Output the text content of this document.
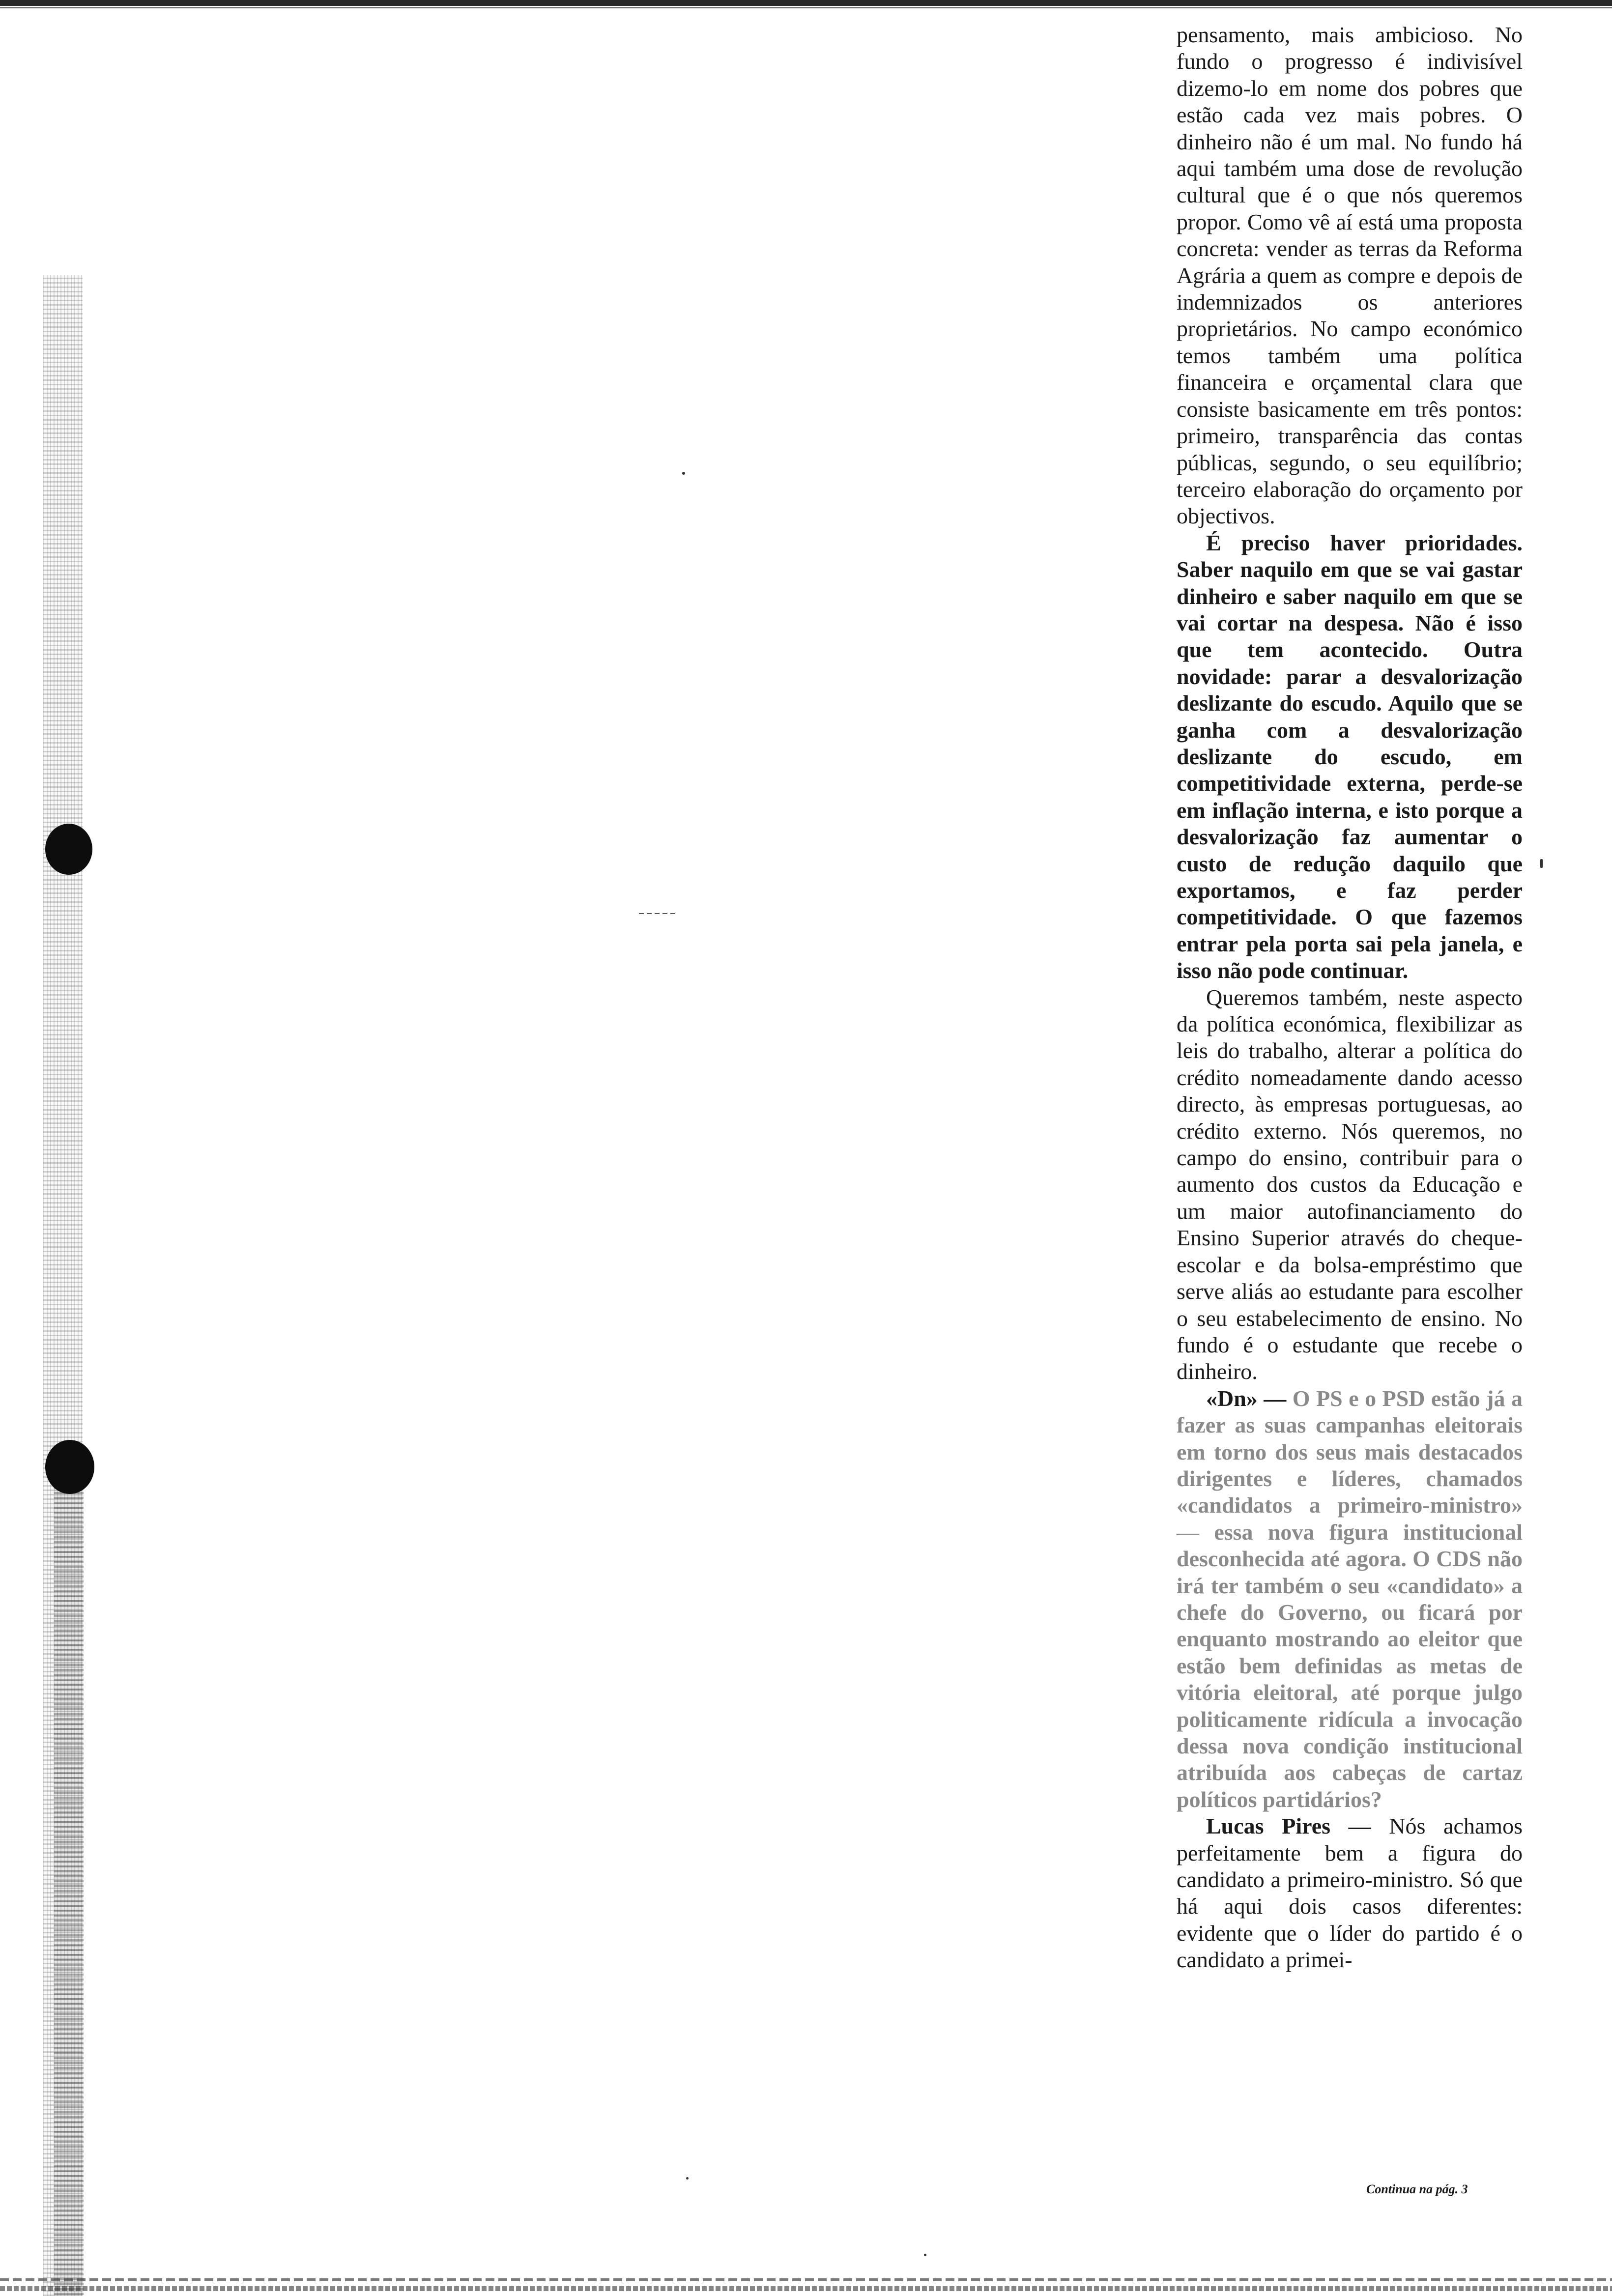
pensamento, mais ambicioso. No fundo o progresso é indivisível dizemo-lo em nome dos pobres que estão cada vez mais pobres. O dinheiro não é um mal. No fundo há aqui também uma dose de revolução cultural que é o que nós queremos propor. Como vê aí está uma proposta concreta: vender as terras da Reforma Agrária a quem as compre e depois de indemnizados os anteriores proprietários. No campo económico temos também uma política financeira e orçamental clara que consiste basicamente em três pontos: primeiro, transparência das contas públicas, segundo, o seu equilíbrio; terceiro elaboração do orçamento por objectivos.

É preciso haver prioridades. Saber naquilo em que se vai gastar dinheiro e saber naquilo em que se vai cortar na despesa. Não é isso que tem acontecido. Outra novidade: parar a desvalorização deslizante do escudo. Aquilo que se ganha com a desvalorização deslizante do escudo, em competitividade externa, perde-se em inflação interna, e isto porque a desvalorização faz aumentar o custo de redução daquilo que exportamos, e faz perder competitividade. O que fazemos entrar pela porta sai pela janela, e isso não pode continuar.

Queremos também, neste aspecto da política económica, flexibilizar as leis do trabalho, alterar a política do crédito nomeadamente dando acesso directo, às empresas portuguesas, ao crédito externo. Nós queremos, no campo do ensino, contribuir para o aumento dos custos da Educação e um maior autofinanciamento do Ensino Superior através do cheque-escolar e da bolsa-empréstimo que serve aliás ao estudante para escolher o seu estabelecimento de ensino. No fundo é o estudante que recebe o dinheiro.

«Dn» — O PS e o PSD estão já a fazer as suas campanhas eleitorais em torno dos seus mais destacados dirigentes e líderes, chamados «candidatos a primeiro-ministro» — essa nova figura institucional desconhecida até agora. O CDS não irá ter também o seu «candidato» a chefe do Governo, ou ficará por enquanto mostrando ao eleitor que estão bem definidas as metas de vitória eleitoral, até porque julgo politicamente ridícula a invocação dessa nova condição institucional atribuída aos cabeças de cartaz políticos partidários?

Lucas Pires — Nós achamos perfeitamente bem a figura do candidato a primeiro-ministro. Só que há aqui dois casos diferentes: evidente que o líder do partido é o candidato a primei-

Continua na pág. 3
